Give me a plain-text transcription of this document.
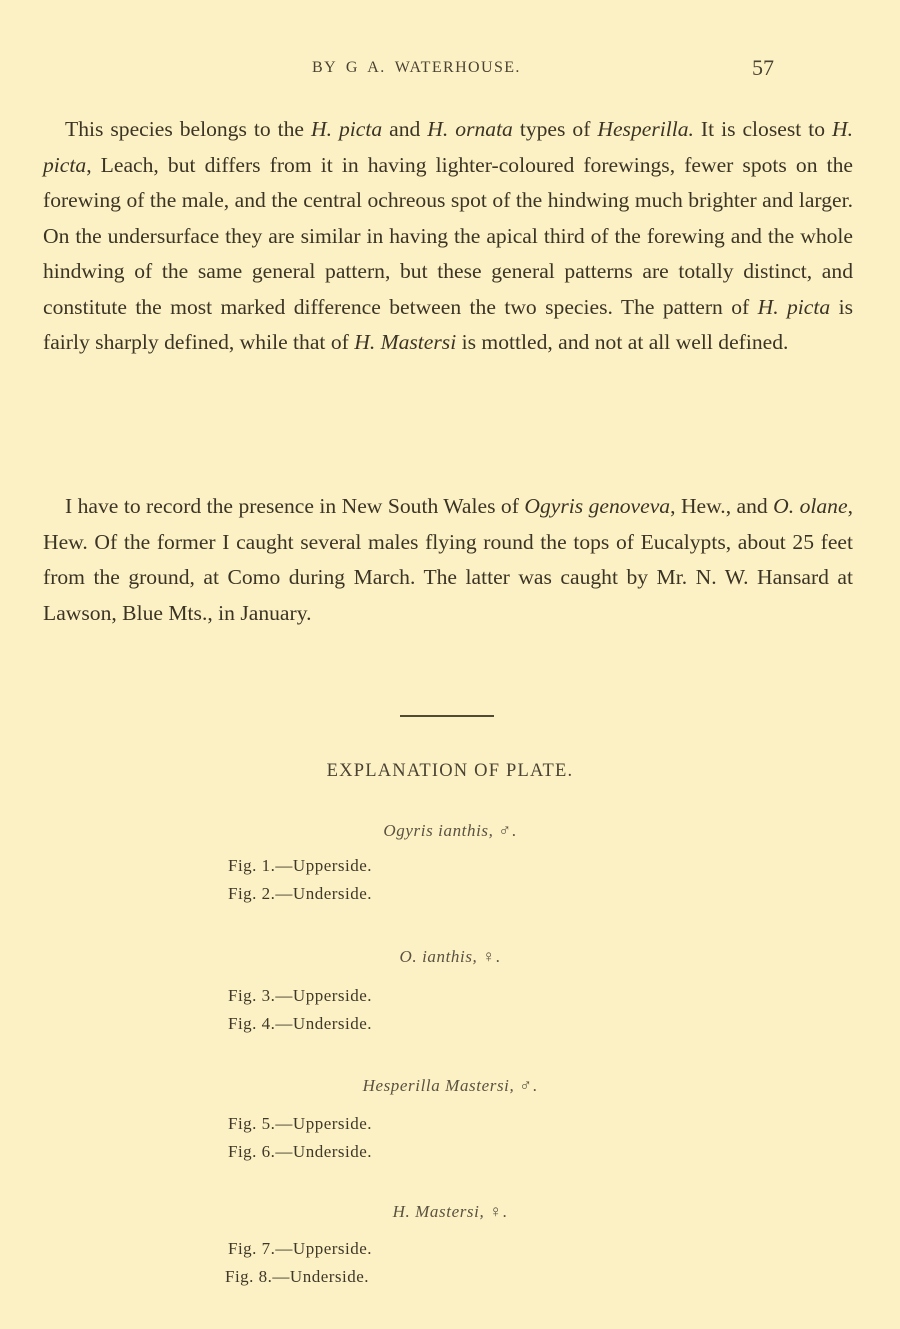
BY G A. WATERHOUSE.	57

This species belongs to the H. picta and H. ornata types of Hesperilla. It is closest to H. picta, Leach, but differs from it in having lighter-coloured forewings, fewer spots on the forewing of the male, and the central ochreous spot of the hindwing much brighter and larger. On the undersurface they are similar in having the apical third of the forewing and the whole hindwing of the same general pattern, but these general patterns are totally distinct, and constitute the most marked difference between the two species. The pattern of H. picta is fairly sharply defined, while that of H. Mastersi is mottled, and not at all well defined.

I have to record the presence in New South Wales of Ogyris genoveva, Hew., and O. olane, Hew. Of the former I caught several males flying round the tops of Eucalypts, about 25 feet from the ground, at Como during March. The latter was caught by Mr. N. W. Hansard at Lawson, Blue Mts., in January.

EXPLANATION OF PLATE.
Ogyris ianthis, ♂.
Fig. 1.—Upperside.
Fig. 2.—Underside.
O. ianthis, ♀.
Fig. 3.—Upperside.
Fig. 4.—Underside.
Hesperilla Mastersi, ♂.
Fig. 5.—Upperside.
Fig. 6.—Underside.
H. Mastersi, ♀.
Fig. 7.—Upperside.
Fig. 8.—Underside.
